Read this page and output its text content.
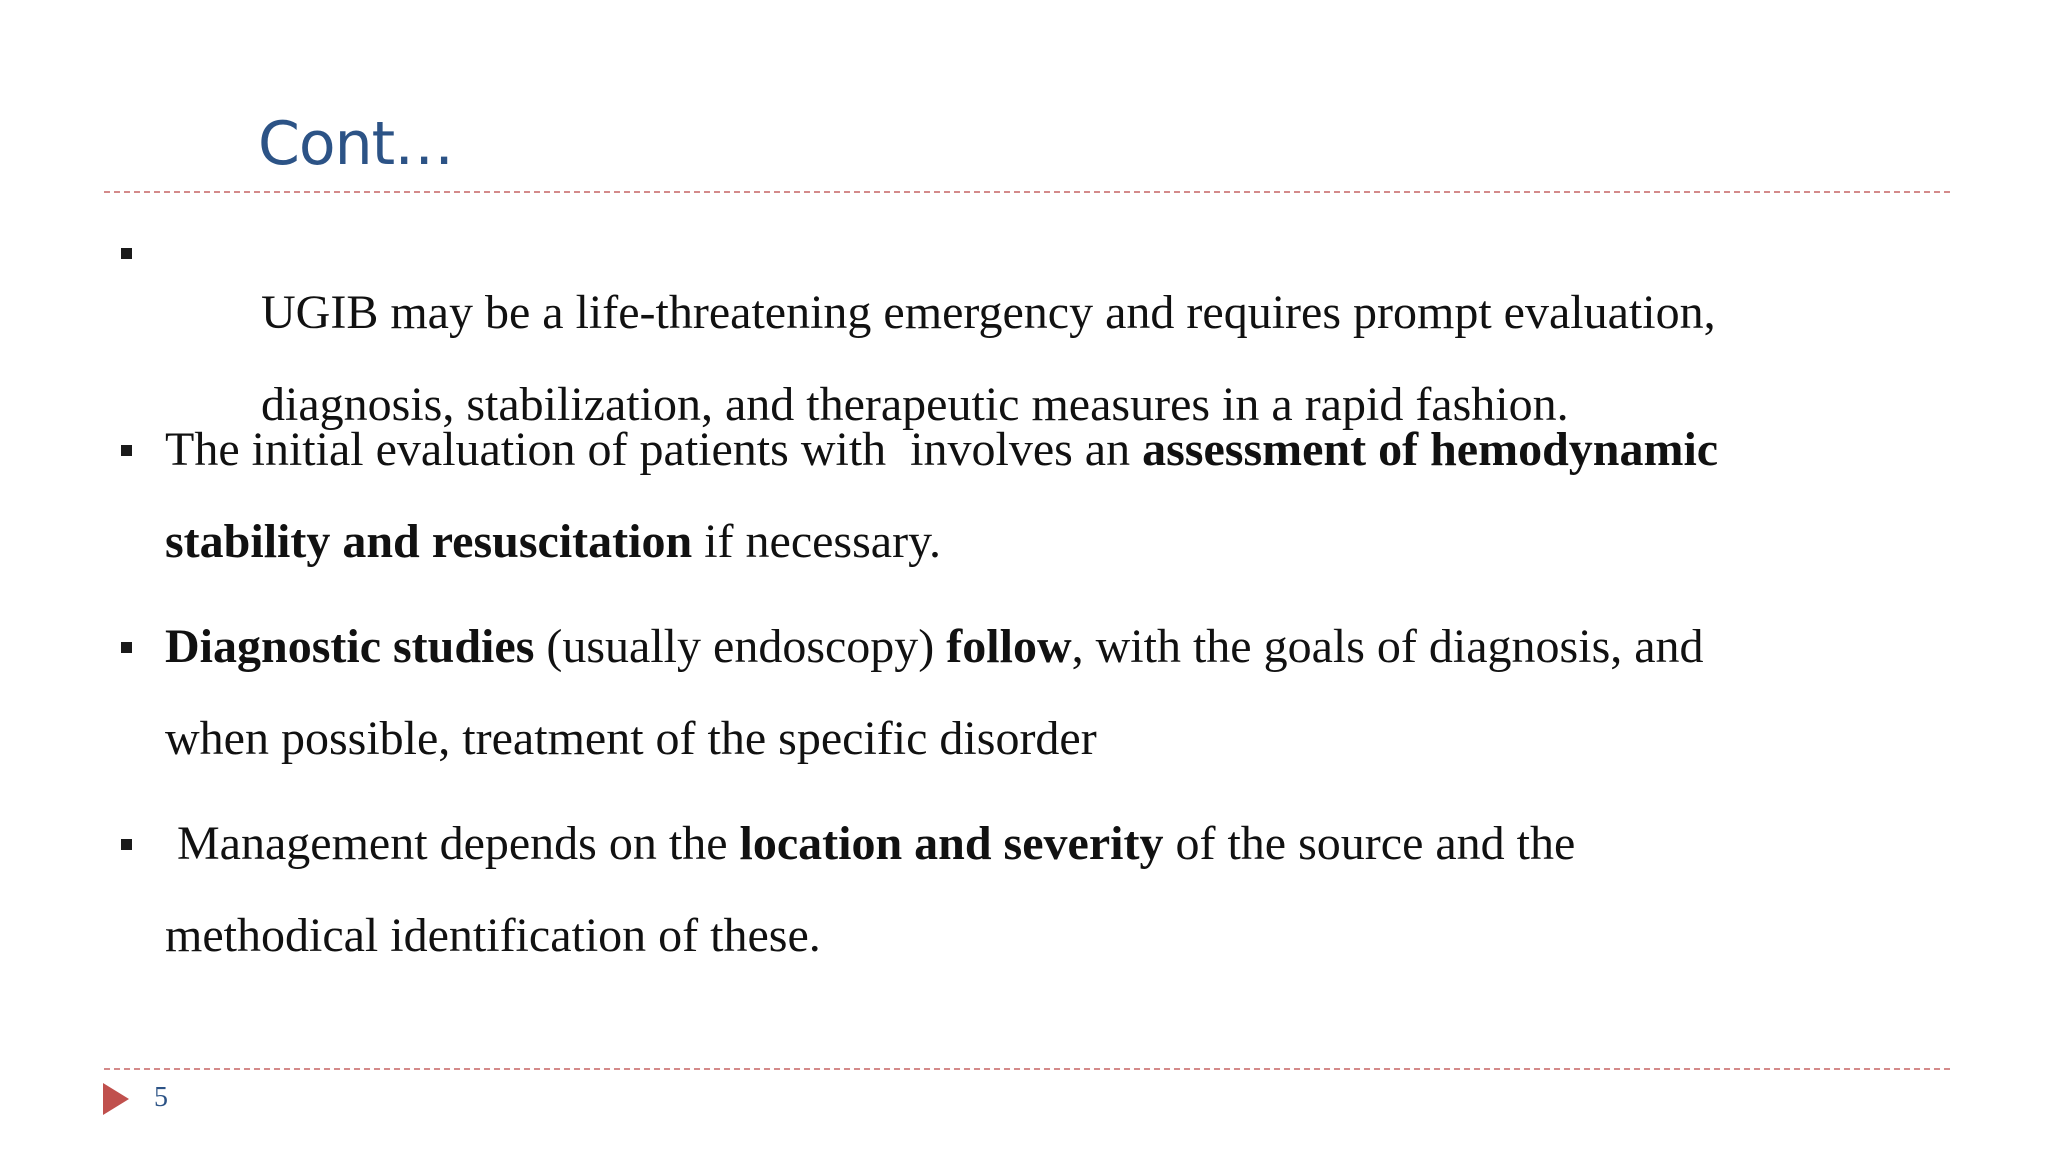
Cont…

UGIB may be a life-threatening emergency and requires prompt evaluation,

diagnosis, stabilization, and therapeutic measures in a rapid fashion.

The initial evaluation of patients with  involves an assessment of hemodynamic
stability and resuscitation if necessary.
Diagnostic studies (usually endoscopy) follow, with the goals of diagnosis, and
when possible, treatment of the specific disorder
Management depends on the location and severity of the source and the
methodical identification of these.
5
